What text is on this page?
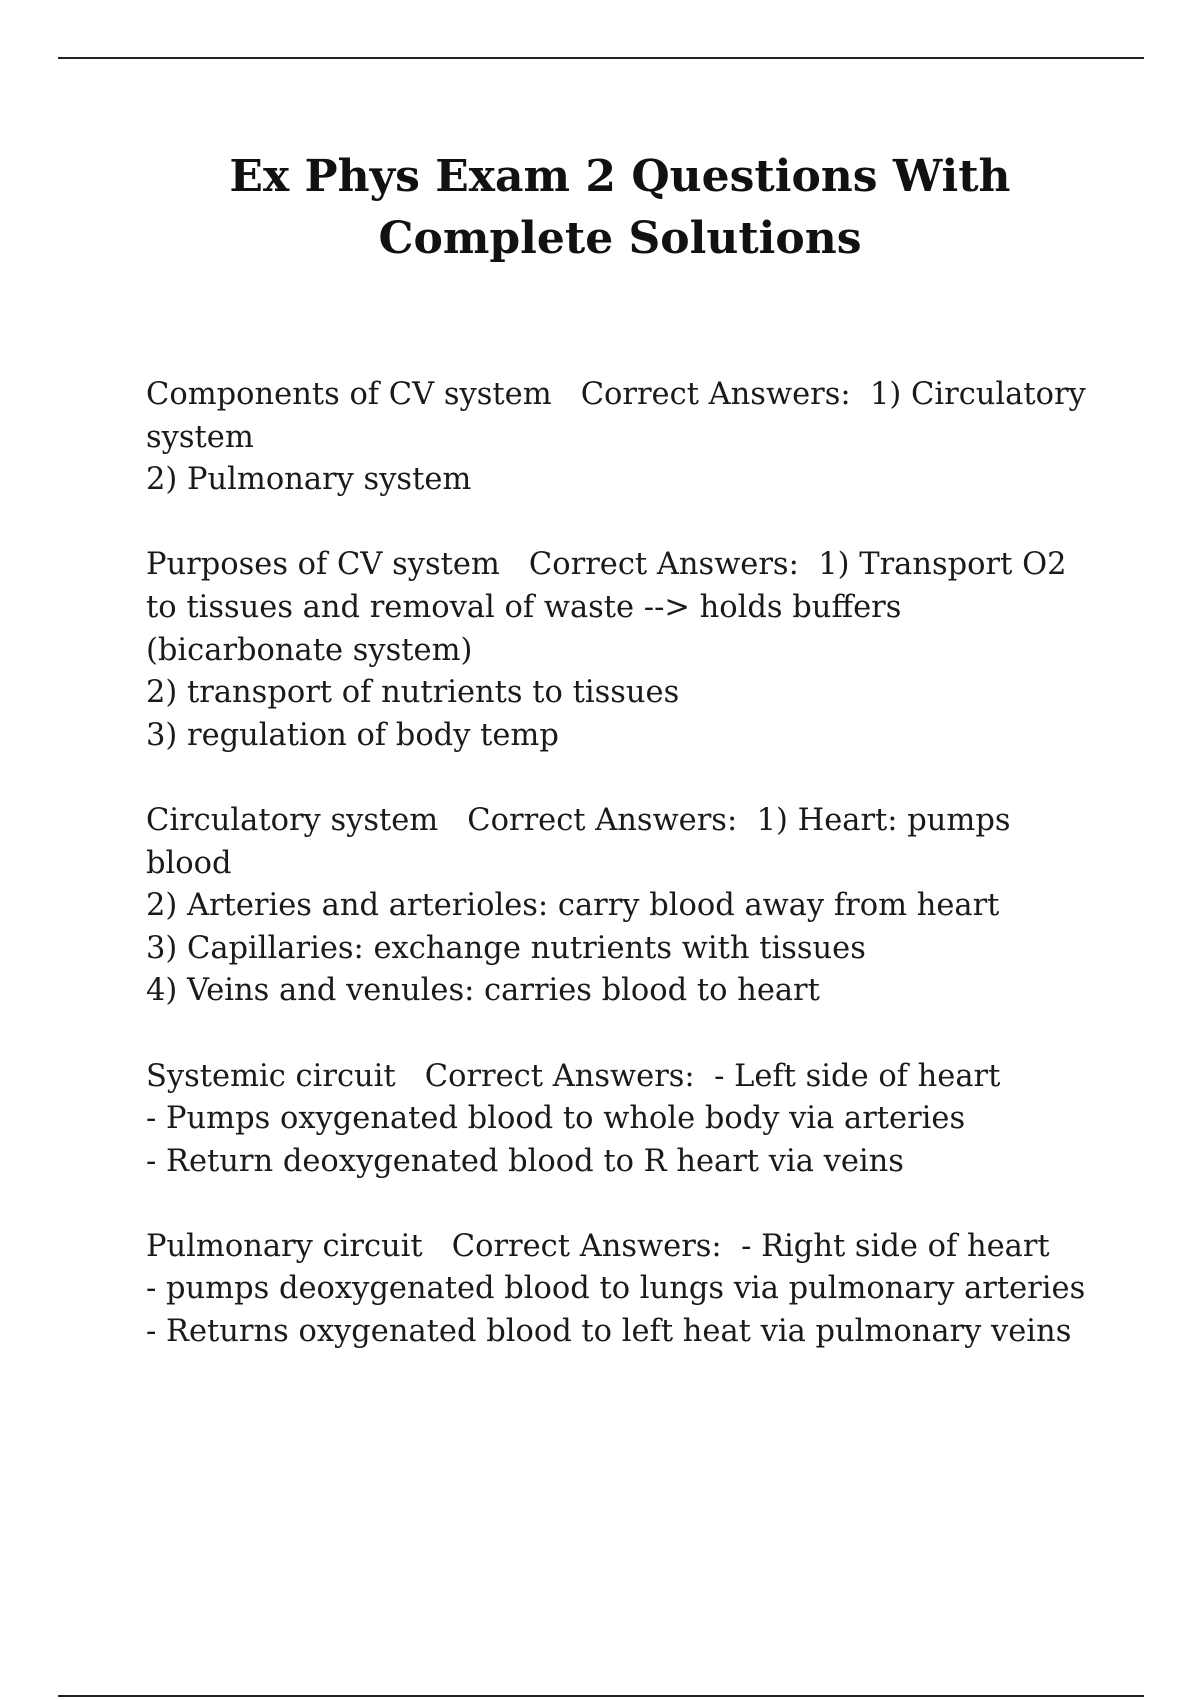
Ex Phys Exam 2 Questions With
Complete Solutions
Components of CV system   Correct Answers:  1) Circulatory
system
2) Pulmonary system
Purposes of CV system   Correct Answers:  1) Transport O2
to tissues and removal of waste --> holds buffers
(bicarbonate system)
2) transport of nutrients to tissues
3) regulation of body temp
Circulatory system   Correct Answers:  1) Heart: pumps
blood
2) Arteries and arterioles: carry blood away from heart
3) Capillaries: exchange nutrients with tissues
4) Veins and venules: carries blood to heart
Systemic circuit   Correct Answers:  - Left side of heart
- Pumps oxygenated blood to whole body via arteries
- Return deoxygenated blood to R heart via veins
Pulmonary circuit   Correct Answers:  - Right side of heart
- pumps deoxygenated blood to lungs via pulmonary arteries
- Returns oxygenated blood to left heat via pulmonary veins
